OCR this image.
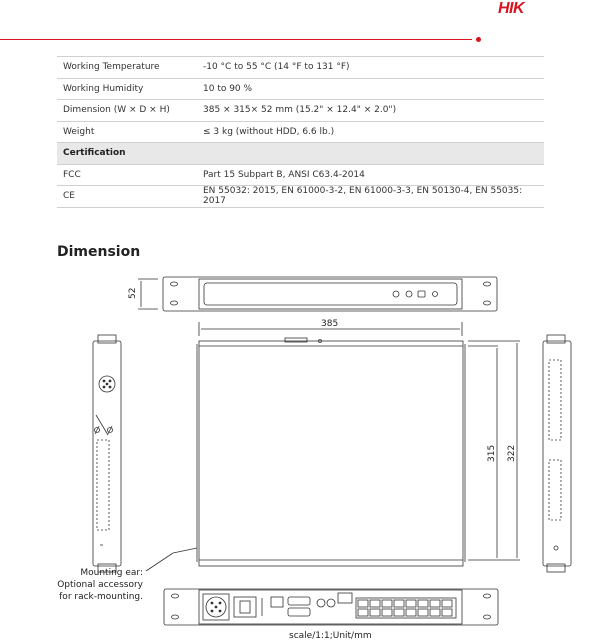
HIK
Working Temperature	-10 °C to 55 °C (14 °F to 131 °F)
Working Humidity	10 to 90 %
Dimension (W × D × H)	385 × 315× 52 mm (15.2" × 12.4" × 2.0")
Weight	≤ 3 kg (without HDD, 6.6 lb.)
Certification	
FCC	Part 15 Subpart B, ANSI C63.4-2014
CE	EN 55032: 2015, EN 61000-3-2, EN 61000-3-3, EN 50130-4, EN 55035: 2017
Dimension
52
385
315 322
Mounting ear:
Optional accessory
for rack-mounting.
scale/1:1;Unit/mm
